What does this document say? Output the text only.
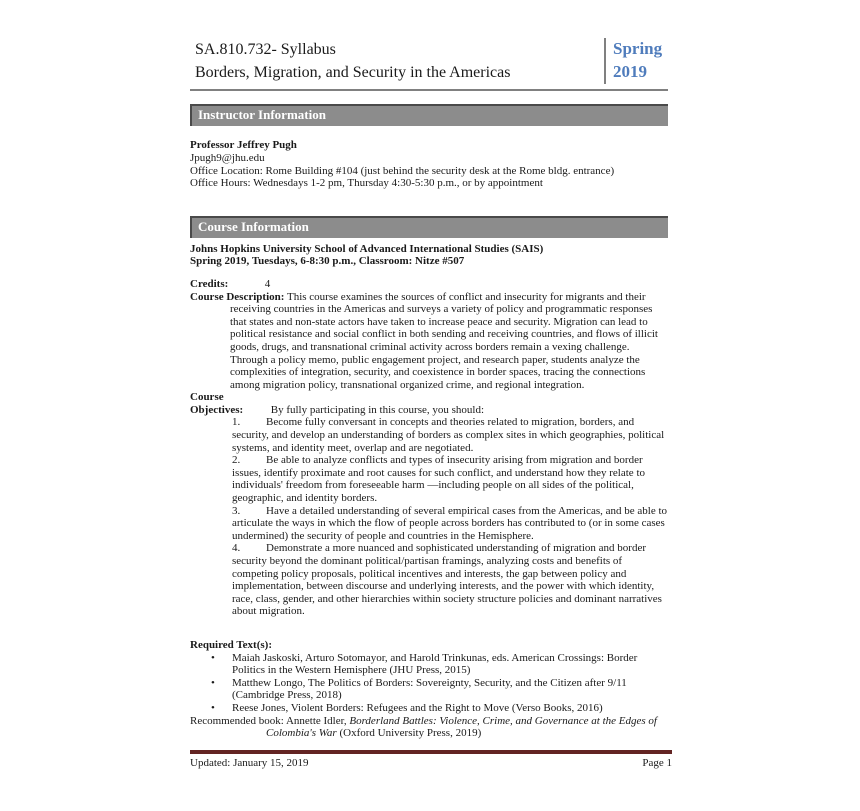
SA.810.732- Syllabus
Borders, Migration, and Security in the Americas
Spring
2019
Instructor Information
Professor Jeffrey Pugh
Jpugh9@jhu.edu
Office Location: Rome Building #104 (just behind the security desk at the Rome bldg. entrance)
Office Hours: Wednesdays 1-2 pm, Thursday 4:30-5:30 p.m., or by appointment
Course Information
Johns Hopkins University School of Advanced International Studies (SAIS)
Spring 2019, Tuesdays, 6-8:30 p.m., Classroom: Nitze #507
Credits:	4

Course Description: This course examines the sources of conflict and insecurity for migrants and their receiving countries in the Americas and surveys a variety of policy and programmatic responses that states and non-state actors have taken to increase peace and security. Migration can lead to political resistance and social conflict in both sending and receiving countries, and flows of illicit goods, drugs, and transnational criminal activity across borders remain a vexing challenge. Through a policy memo, public engagement project, and research paper, students analyze the complexities of integration, security, and coexistence in border spaces, tracing the connections among migration policy, transnational organized crime, and regional integration.

Course

Objectives:	By fully participating in this course, you should:

1. Become fully conversant in concepts and theories related to migration, borders, and security, and develop an understanding of borders as complex sites in which geographies, political systems, and identity meet, overlap and are negotiated.

2. Be able to analyze conflicts and types of insecurity arising from migration and border issues, identify proximate and root causes for such conflict, and understand how they relate to individuals' freedom from foreseeable harm —including people on all sides of the political, geographic, and identity borders.

3. Have a detailed understanding of several empirical cases from the Americas, and be able to articulate the ways in which the flow of people across borders has contributed to (or in some cases undermined) the security of people and countries in the Hemisphere.

4. Demonstrate a more nuanced and sophisticated understanding of migration and border security beyond the dominant political/partisan framings, analyzing costs and benefits of competing policy proposals, political incentives and interests, the gap between policy and implementation, between discourse and underlying interests, and the power with which identity, race, class, gender, and other hierarchies within society structure policies and dominant narratives about migration.

Required Text(s):

• Maiah Jaskoski, Arturo Sotomayor, and Harold Trinkunas, eds. American Crossings: Border Politics in the Western Hemisphere (JHU Press, 2015)

• Matthew Longo, The Politics of Borders: Sovereignty, Security, and the Citizen after 9/11 (Cambridge Press, 2018)

• Reese Jones, Violent Borders: Refugees and the Right to Move (Verso Books, 2016)

Recommended book: Annette Idler, Borderland Battles: Violence, Crime, and Governance at the Edges of Colombia's War (Oxford University Press, 2019)

Updated: January 15, 2019	Page 1
